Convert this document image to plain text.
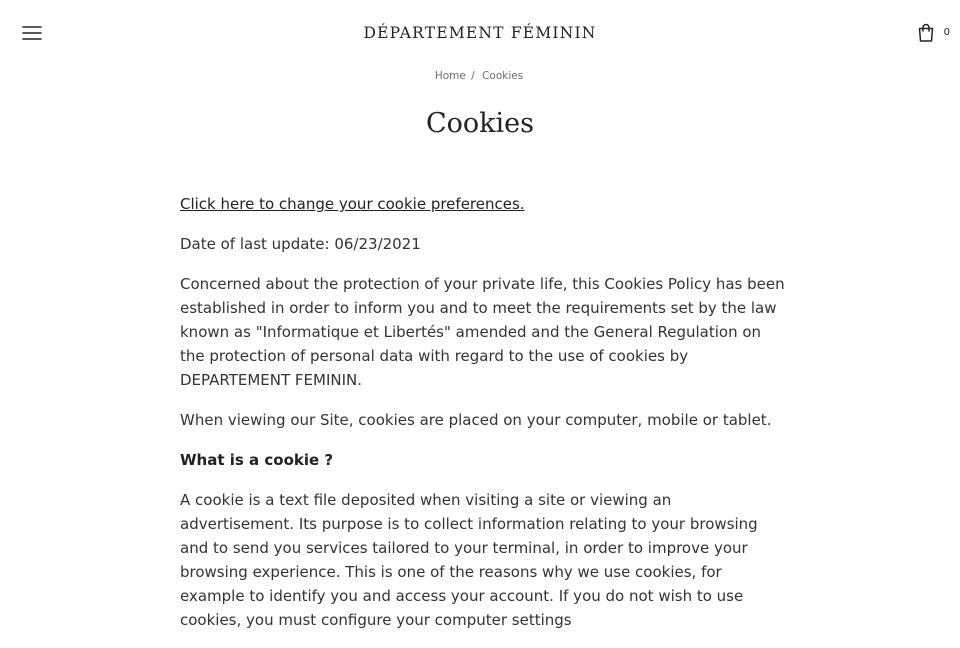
DÉPARTEMENT FÉMININ	0
Home / Cookies
Cookies

Click here to change your cookie preferences.

Date of last update: 06/23/2021

Concerned about the protection of your private life, this Cookies Policy has been established in order to inform you and to meet the requirements set by the law known as "Informatique et Libertés" amended and the General Regulation on the protection of personal data with regard to the use of cookies by DEPARTEMENT FEMININ.

When viewing our Site, cookies are placed on your computer, mobile or tablet.

What is a cookie ?

A cookie is a text file deposited when visiting a site or viewing an advertisement. Its purpose is to collect information relating to your browsing and to send you services tailored to your terminal, in order to improve your browsing experience. This is one of the reasons why we use cookies, for example to identify you and access your account. If you do not wish to use cookies, you must configure your computer settings
